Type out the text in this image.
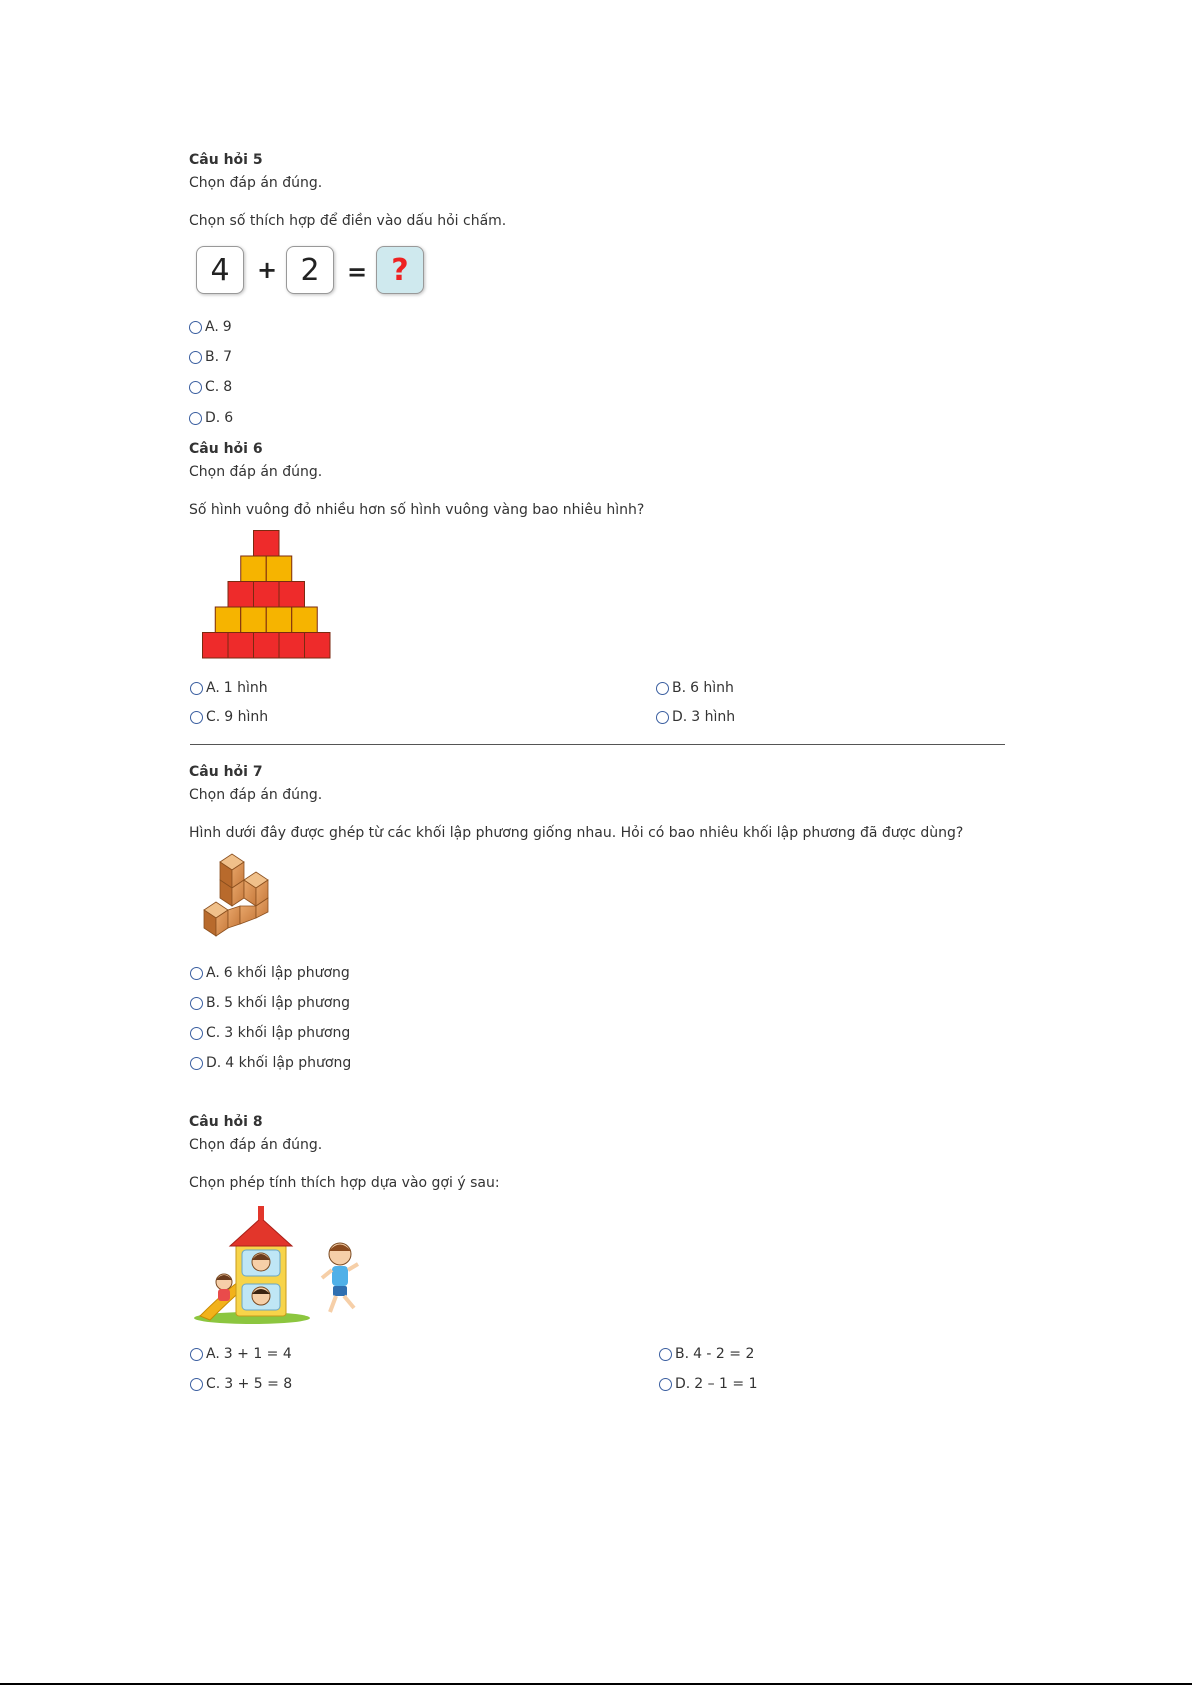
Câu hỏi 5
Chọn đáp án đúng.
Chọn số thích hợp để điền vào dấu hỏi chấm.
4	+ 2	= ?
A. 9
B. 7
C. 8
D. 6
Câu hỏi 6
Chọn đáp án đúng.
Số hình vuông đỏ nhiều hơn số hình vuông vàng bao nhiêu hình?
A. 1 hình	B. 6 hình
C. 9 hình	D. 3 hình
Câu hỏi 7
Chọn đáp án đúng.
Hình dưới đây được ghép từ các khối lập phương giống nhau. Hỏi có bao nhiêu khối lập phương đã được dùng?
A. 6 khối lập phương
B. 5 khối lập phương
C. 3 khối lập phương
D. 4 khối lập phương
Câu hỏi 8
Chọn đáp án đúng.
Chọn phép tính thích hợp dựa vào gợi ý sau:
A. 3 + 1 = 4	B. 4 - 2 = 2
C. 3 + 5 = 8	D. 2 – 1 = 1
